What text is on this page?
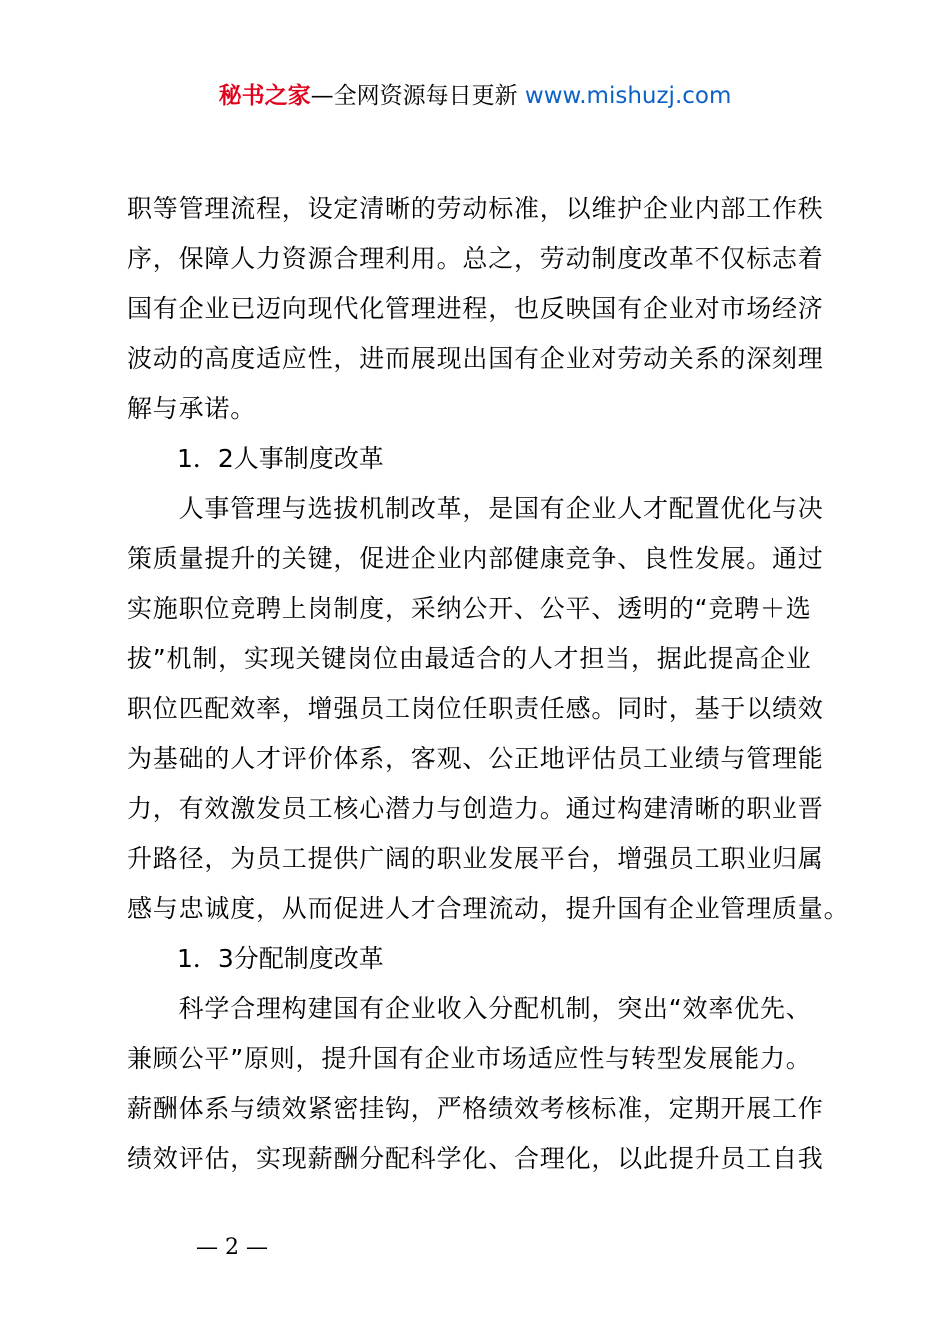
秘书之家—全网资源每日更新 www.mishuzj.com
职等管理流程，设定清晰的劳动标准，以维护企业内部工作秩
序，保障人力资源合理利用。总之，劳动制度改革不仅标志着
国有企业已迈向现代化管理进程，也反映国有企业对市场经济
波动的高度适应性，进而展现出国有企业对劳动关系的深刻理
解与承诺。
1．2人事制度改革
　　人事管理与选拔机制改革，是国有企业人才配置优化与决
策质量提升的关键，促进企业内部健康竞争、良性发展。通过
实施职位竞聘上岗制度，采纳公开、公平、透明的“竞聘＋选
拔”机制，实现关键岗位由最适合的人才担当，据此提高企业
职位匹配效率，增强员工岗位任职责任感。同时，基于以绩效
为基础的人才评价体系，客观、公正地评估员工业绩与管理能
力，有效激发员工核心潜力与创造力。通过构建清晰的职业晋
升路径，为员工提供广阔的职业发展平台，增强员工职业归属
感与忠诚度，从而促进人才合理流动，提升国有企业管理质量。
1．3分配制度改革
　　科学合理构建国有企业收入分配机制，突出“效率优先、
兼顾公平”原则，提升国有企业市场适应性与转型发展能力。
薪酬体系与绩效紧密挂钩，严格绩效考核标准，定期开展工作
绩效评估，实现薪酬分配科学化、合理化，以此提升员工自我
— 2 —
